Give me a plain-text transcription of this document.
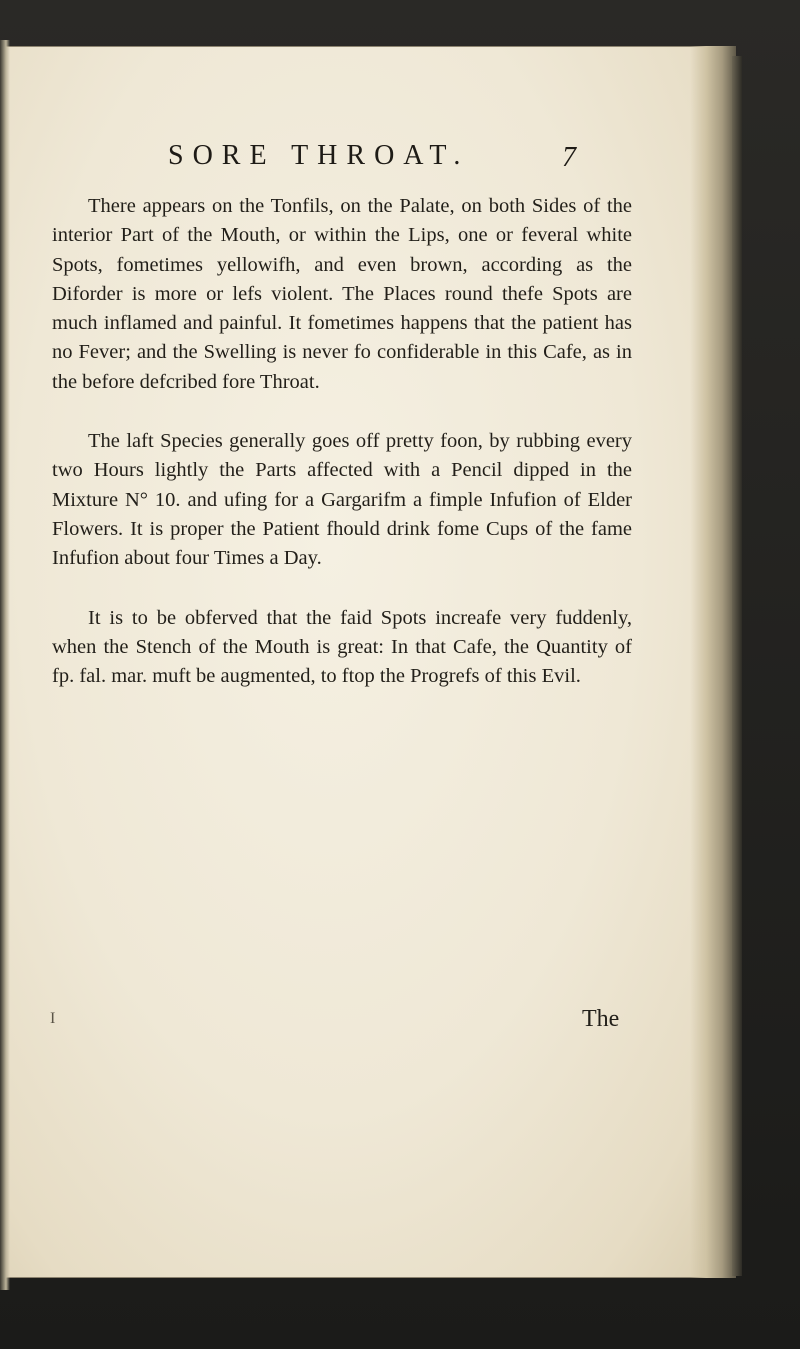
SORE THROAT.	7

There appears on the Tonfils, on the Palate, on both Sides of the interior Part of the Mouth, or within the Lips, one or feveral white Spots, fometimes yellowifh, and even brown, according as the Diforder is more or lefs violent. The Places round thefe Spots are much inflamed and painful. It fometimes happens that the patient has no Fever; and the Swelling is never fo confiderable in this Cafe, as in the before defcribed fore Throat.

The laft Species generally goes off pretty foon, by rubbing every two Hours lightly the Parts affected with a Pencil dipped in the Mixture N° 10. and ufing for a Gargarifm a fimple Infufion of Elder Flowers. It is proper the Patient fhould drink fome Cups of the fame Infufion about four Times a Day.

It is to be obferved that the faid Spots increafe very fuddenly, when the Stench of the Mouth is great: In that Cafe, the Quantity of fp. fal. mar. muft be augmented, to ftop the Progrefs of this Evil.

I	The
